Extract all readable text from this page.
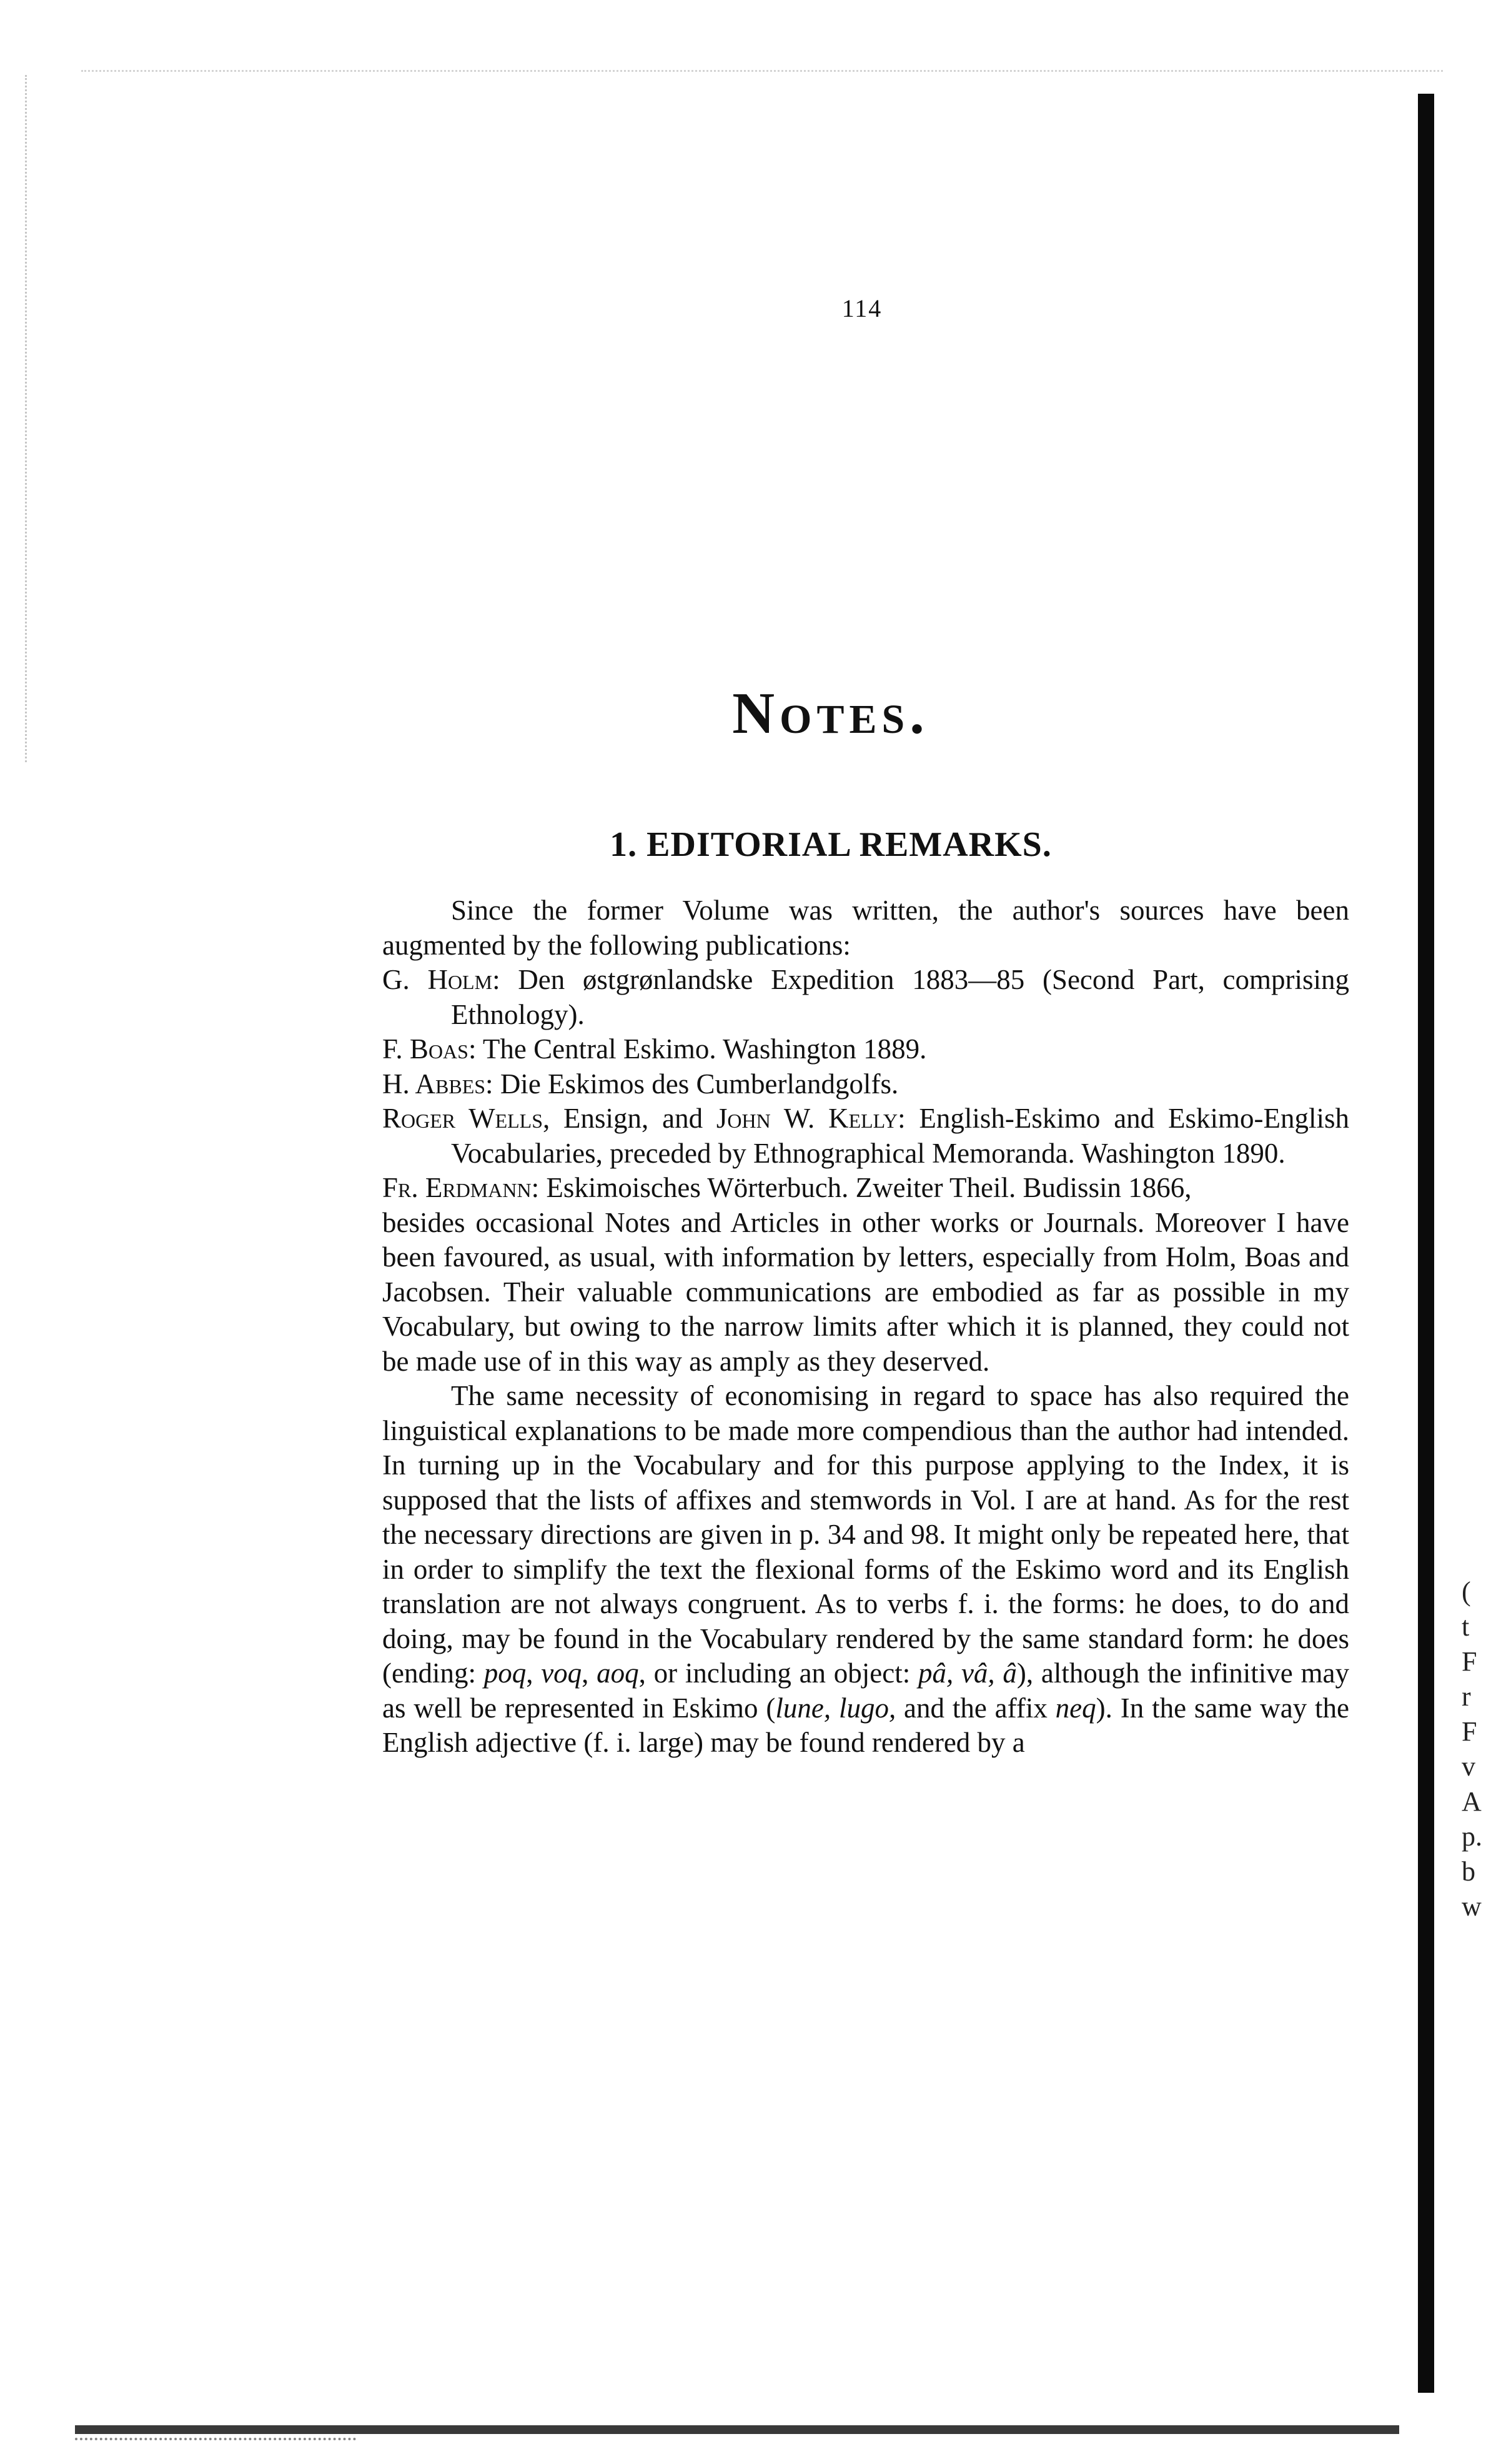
114
Notes.
1. EDITORIAL REMARKS.

Since the former Volume was written, the author's sources have been augmented by the following publications:

G. Holm: Den østgrønlandske Expedition 1883—85 (Second Part, comprising Ethnology).

F. Boas: The Central Eskimo. Washington 1889.

H. Abbes: Die Eskimos des Cumberlandgolfs.

Roger Wells, Ensign, and John W. Kelly: English-Eskimo and Eskimo-English Vocabularies, preceded by Ethnographical Memoranda. Washington 1890.

Fr. Erdmann: Eskimoisches Wörterbuch. Zweiter Theil. Budissin 1866,

besides occasional Notes and Articles in other works or Journals. Moreover I have been favoured, as usual, with information by letters, especially from Holm, Boas and Jacobsen. Their valuable communications are embodied as far as possible in my Vocabulary, but owing to the narrow limits after which it is planned, they could not be made use of in this way as amply as they deserved.

The same necessity of economising in regard to space has also required the linguistical explanations to be made more compendious than the author had intended. In turning up in the Vocabulary and for this purpose applying to the Index, it is supposed that the lists of affixes and stemwords in Vol. I are at hand. As for the rest the necessary directions are given in p. 34 and 98. It might only be repeated here, that in order to simplify the text the flexional forms of the Eskimo word and its English translation are not always congruent. As to verbs f. i. the forms: he does, to do and doing, may be found in the Vocabulary rendered by the same standard form: he does (ending: poq, voq, aoq, or including an object: pâ, vâ, â), although the infinitive may as well be represented in Eskimo (lune, lugo, and the affix neq). In the same way the English adjective (f. i. large) may be found rendered by a

(
t
F
r
F
v
A
p.
b
w
